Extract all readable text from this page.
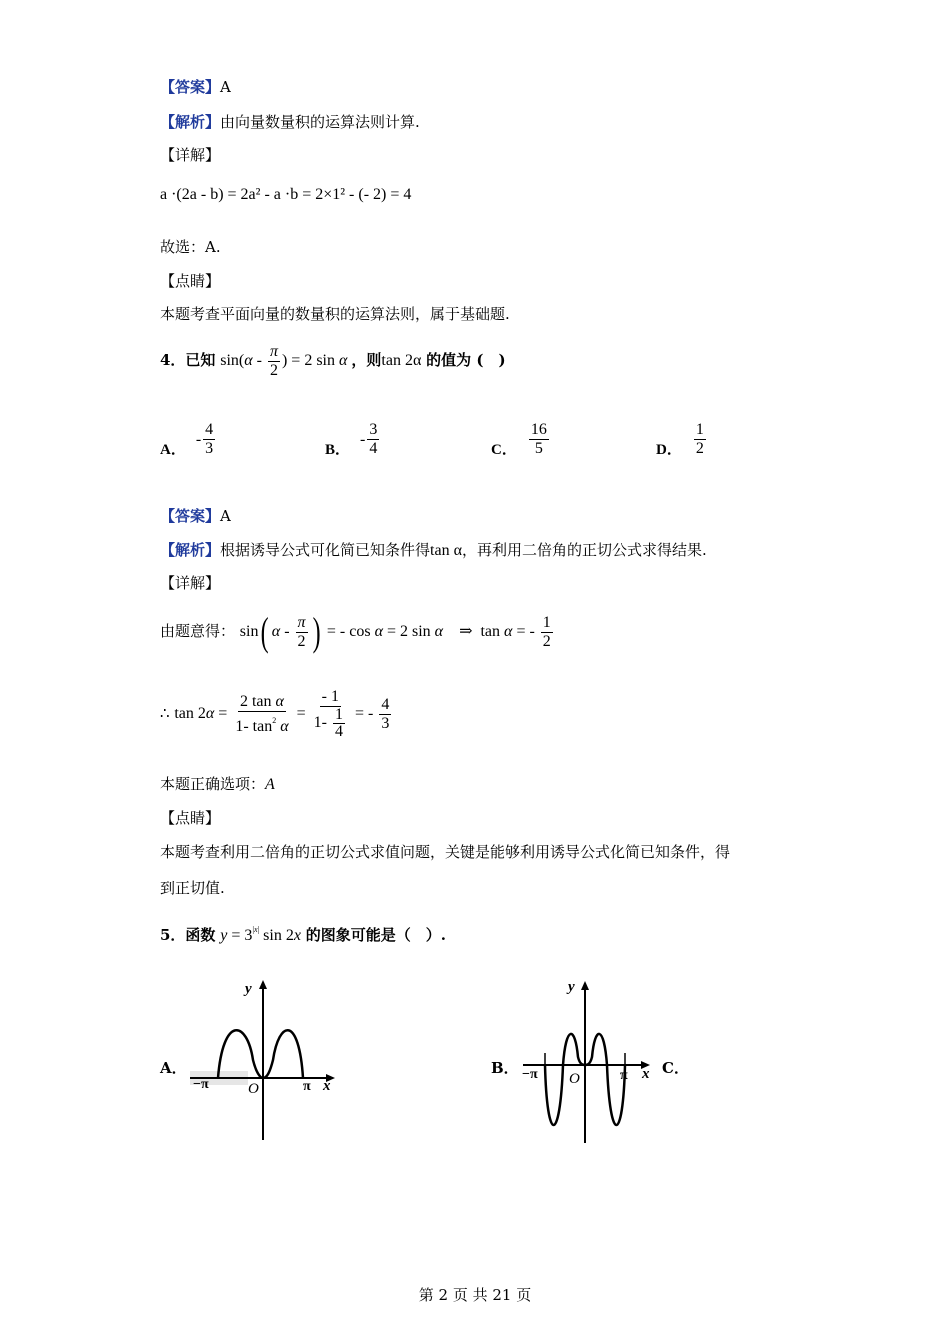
【答案】A
【解析】由向量数量积的运算法则计算.
【详解】
a ·(2a - b) = 2a² - a ·b = 2×1² - (- 2) = 4
故选：A.
【点睛】
本题考查平面向量的数量积的运算法则，属于基础题.
4．已知 $\sin(\alpha - \frac{\pi}{2}$ ) = 2 sin α ，则tan 2α 的值为 (　)
A．
- $\frac{4}{3}$	B．
- $\frac{3}{4}$	C． $\frac{16}{5}$	D． $\frac{1}{2}$
【答案】A
【解析】根据诱导公式可化简已知条件得tan α，再利用二倍角的正切公式求得结果.
【详解】
由题意得： sin( α - $\frac{\pi}{2}$ ) = - cos α = 2 sin α    ⇒  tan α = - $\frac{1}{2}$
∴ $\tan 2\alpha = \frac{\text{2 tan α}}{1- \tan^2 \alpha} = \frac{- 1}{1- \frac{1}{4}}$ = - $\frac{4}{3}$
本题正确选项：A
【点睛】
本题考查利用二倍角的正切公式求值问题，关键是能够利用诱导公式化简已知条件，得
到正切值.
5．函数 $y = 3^{|x|}$ sin 2x 的图象可能是（　）.
A．	B．	C．
y
x
O
−π	π
y
x
O
−π	π
第 2 页 共 21 页
